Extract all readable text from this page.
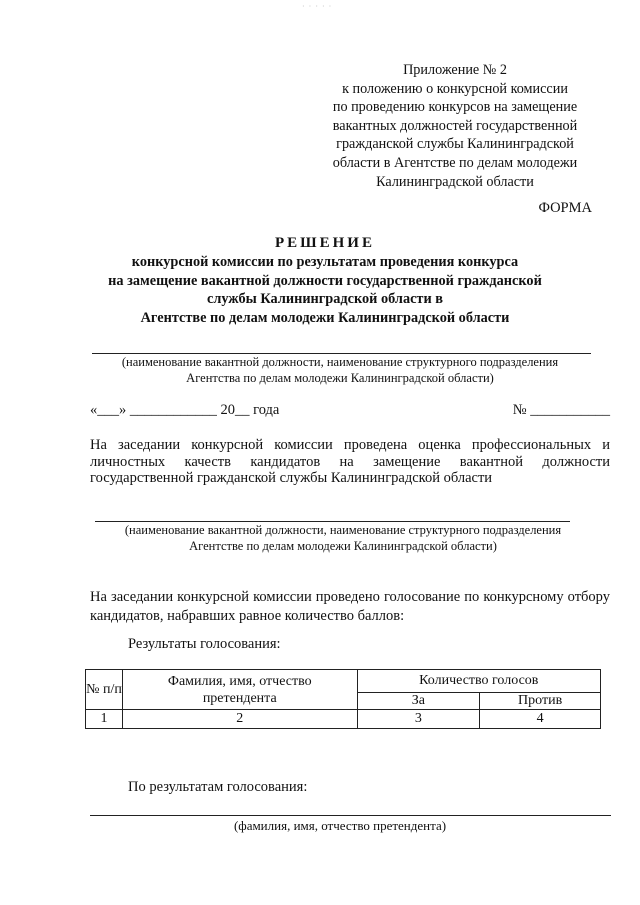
· · · · ·
Приложение № 2
к положению о конкурсной комиссии
по проведению конкурсов на замещение
вакантных должностей государственной
гражданской службы Калининградской
области в Агентстве по делам молодежи
Калининградской области
ФОРМА
РЕШЕНИЕ
конкурсной комиссии по результатам проведения конкурса
на замещение вакантной должности государственной гражданской
службы Калининградской области в
Агентстве по делам молодежи Калининградской области
(наименование вакантной должности, наименование структурного подразделения
Агентства по делам молодежи Калининградской области)
«___» ____________ 20__ года	№ ___________
На заседании конкурсной комиссии проведена оценка профессиональных и личностных качеств кандидатов на замещение вакантной должности государственной гражданской службы Калининградской области
(наименование вакантной должности, наименование структурного подразделения
Агентстве по делам молодежи Калининградской области)
На заседании конкурсной комиссии проведено голосование по конкурсному отбору кандидатов, набравших равное количество баллов:
Результаты голосования:
№ п/п	Фамилия, имя, отчество претендента	Количество голосов	
		За	Против
1	2	3	4
По результатам голосования:
(фамилия, имя, отчество претендента)
